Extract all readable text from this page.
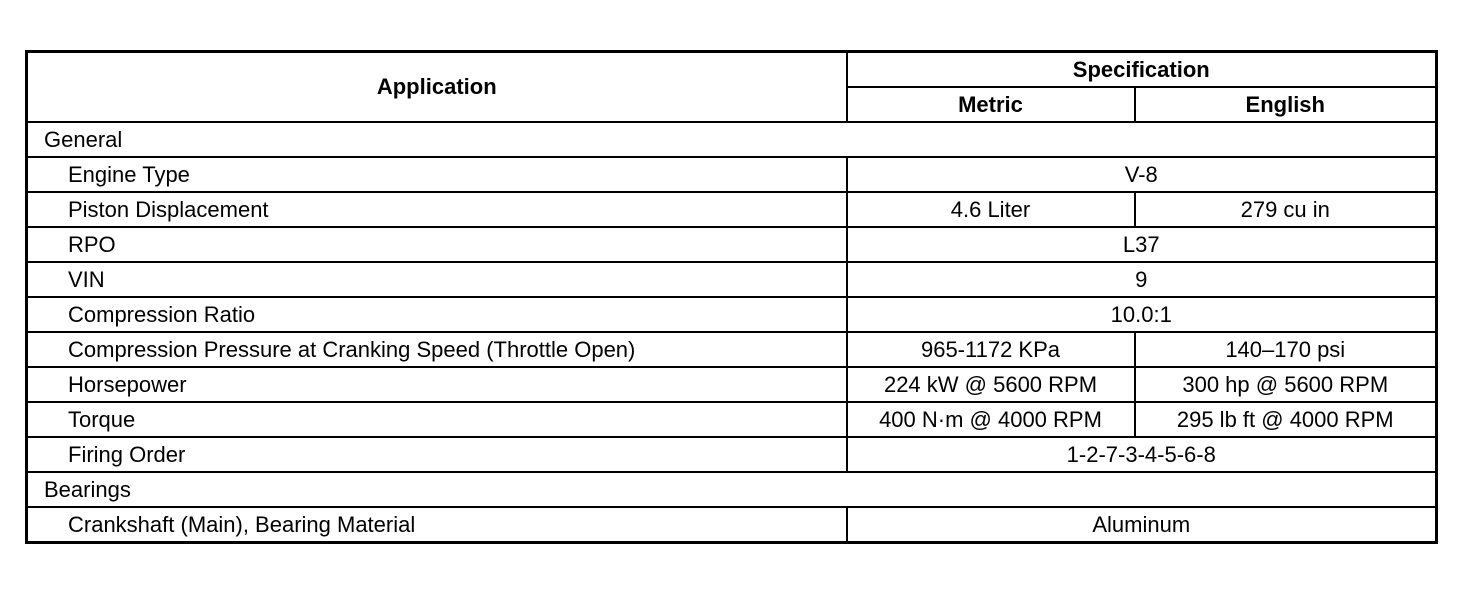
Application	Specification	
	Metric	English
General		
Engine Type	V-8	
Piston Displacement	4.6 Liter	279 cu in
RPO	L37	
VIN	9	
Compression Ratio	10.0:1	
Compression Pressure at Cranking Speed (Throttle Open)	965-1172 KPa	140–170 psi
Horsepower	224 kW @ 5600 RPM	300 hp @ 5600 RPM
Torque	400 N·m @ 4000 RPM	295 lb ft @ 4000 RPM
Firing Order	1-2-7-3-4-5-6-8	
Bearings		
Crankshaft (Main), Bearing Material	Aluminum	
